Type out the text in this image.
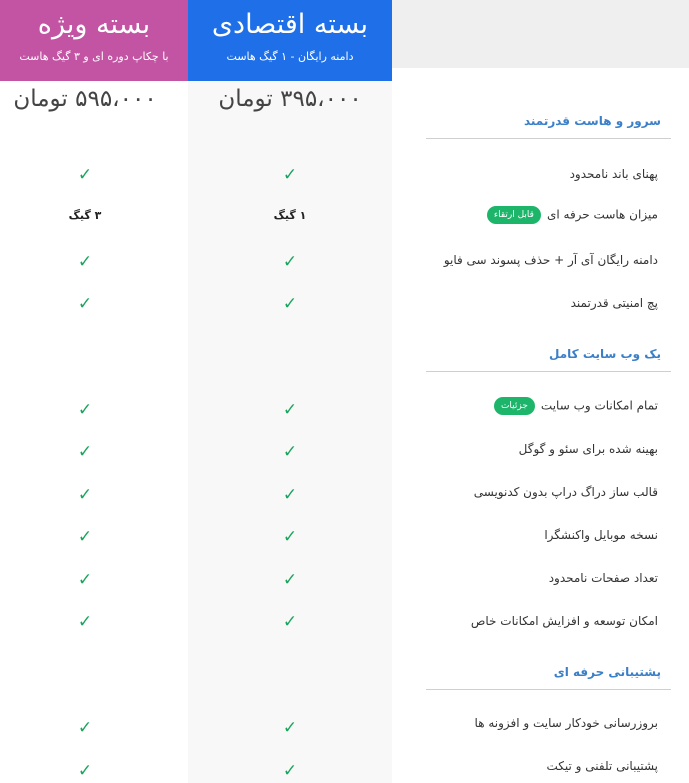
بسته ویژه
با چکاپ دوره ای و ۳ گیگ هاست
بسته اقتصادی
دامنه رایگان - ۱ گیگ هاست
۵۹۵،۰۰۰ تومان	۳۹۵،۰۰۰ تومان
سرور و هاست قدرتمند
پهنای باند نامحدود
✓
✓
میزان هاست حرفه ایقابل ارتقاء
۱ گیگ
۳ گیگ
دامنه رایگان آی آر + حذف پسوند سی فایو
✓
✓
پچ امنیتی قدرتمند
✓
✓
یک وب سایت کامل
تمام امکانات وب سایتجزئیات
✓
✓
بهینه شده برای سئو و گوگل
✓
✓
قالب ساز دراگ دراپ بدون کدنویسی
✓
✓
نسخه موبایل واکنشگرا
✓
✓
تعداد صفحات نامحدود
✓
✓
امکان توسعه و افزایش امکانات خاص
✓
✓
پشتیبانی حرفه ای
بروزرسانی خودکار سایت و افزونه ها
✓
✓
پشتیبانی تلفنی و تیکت
✓
✓
